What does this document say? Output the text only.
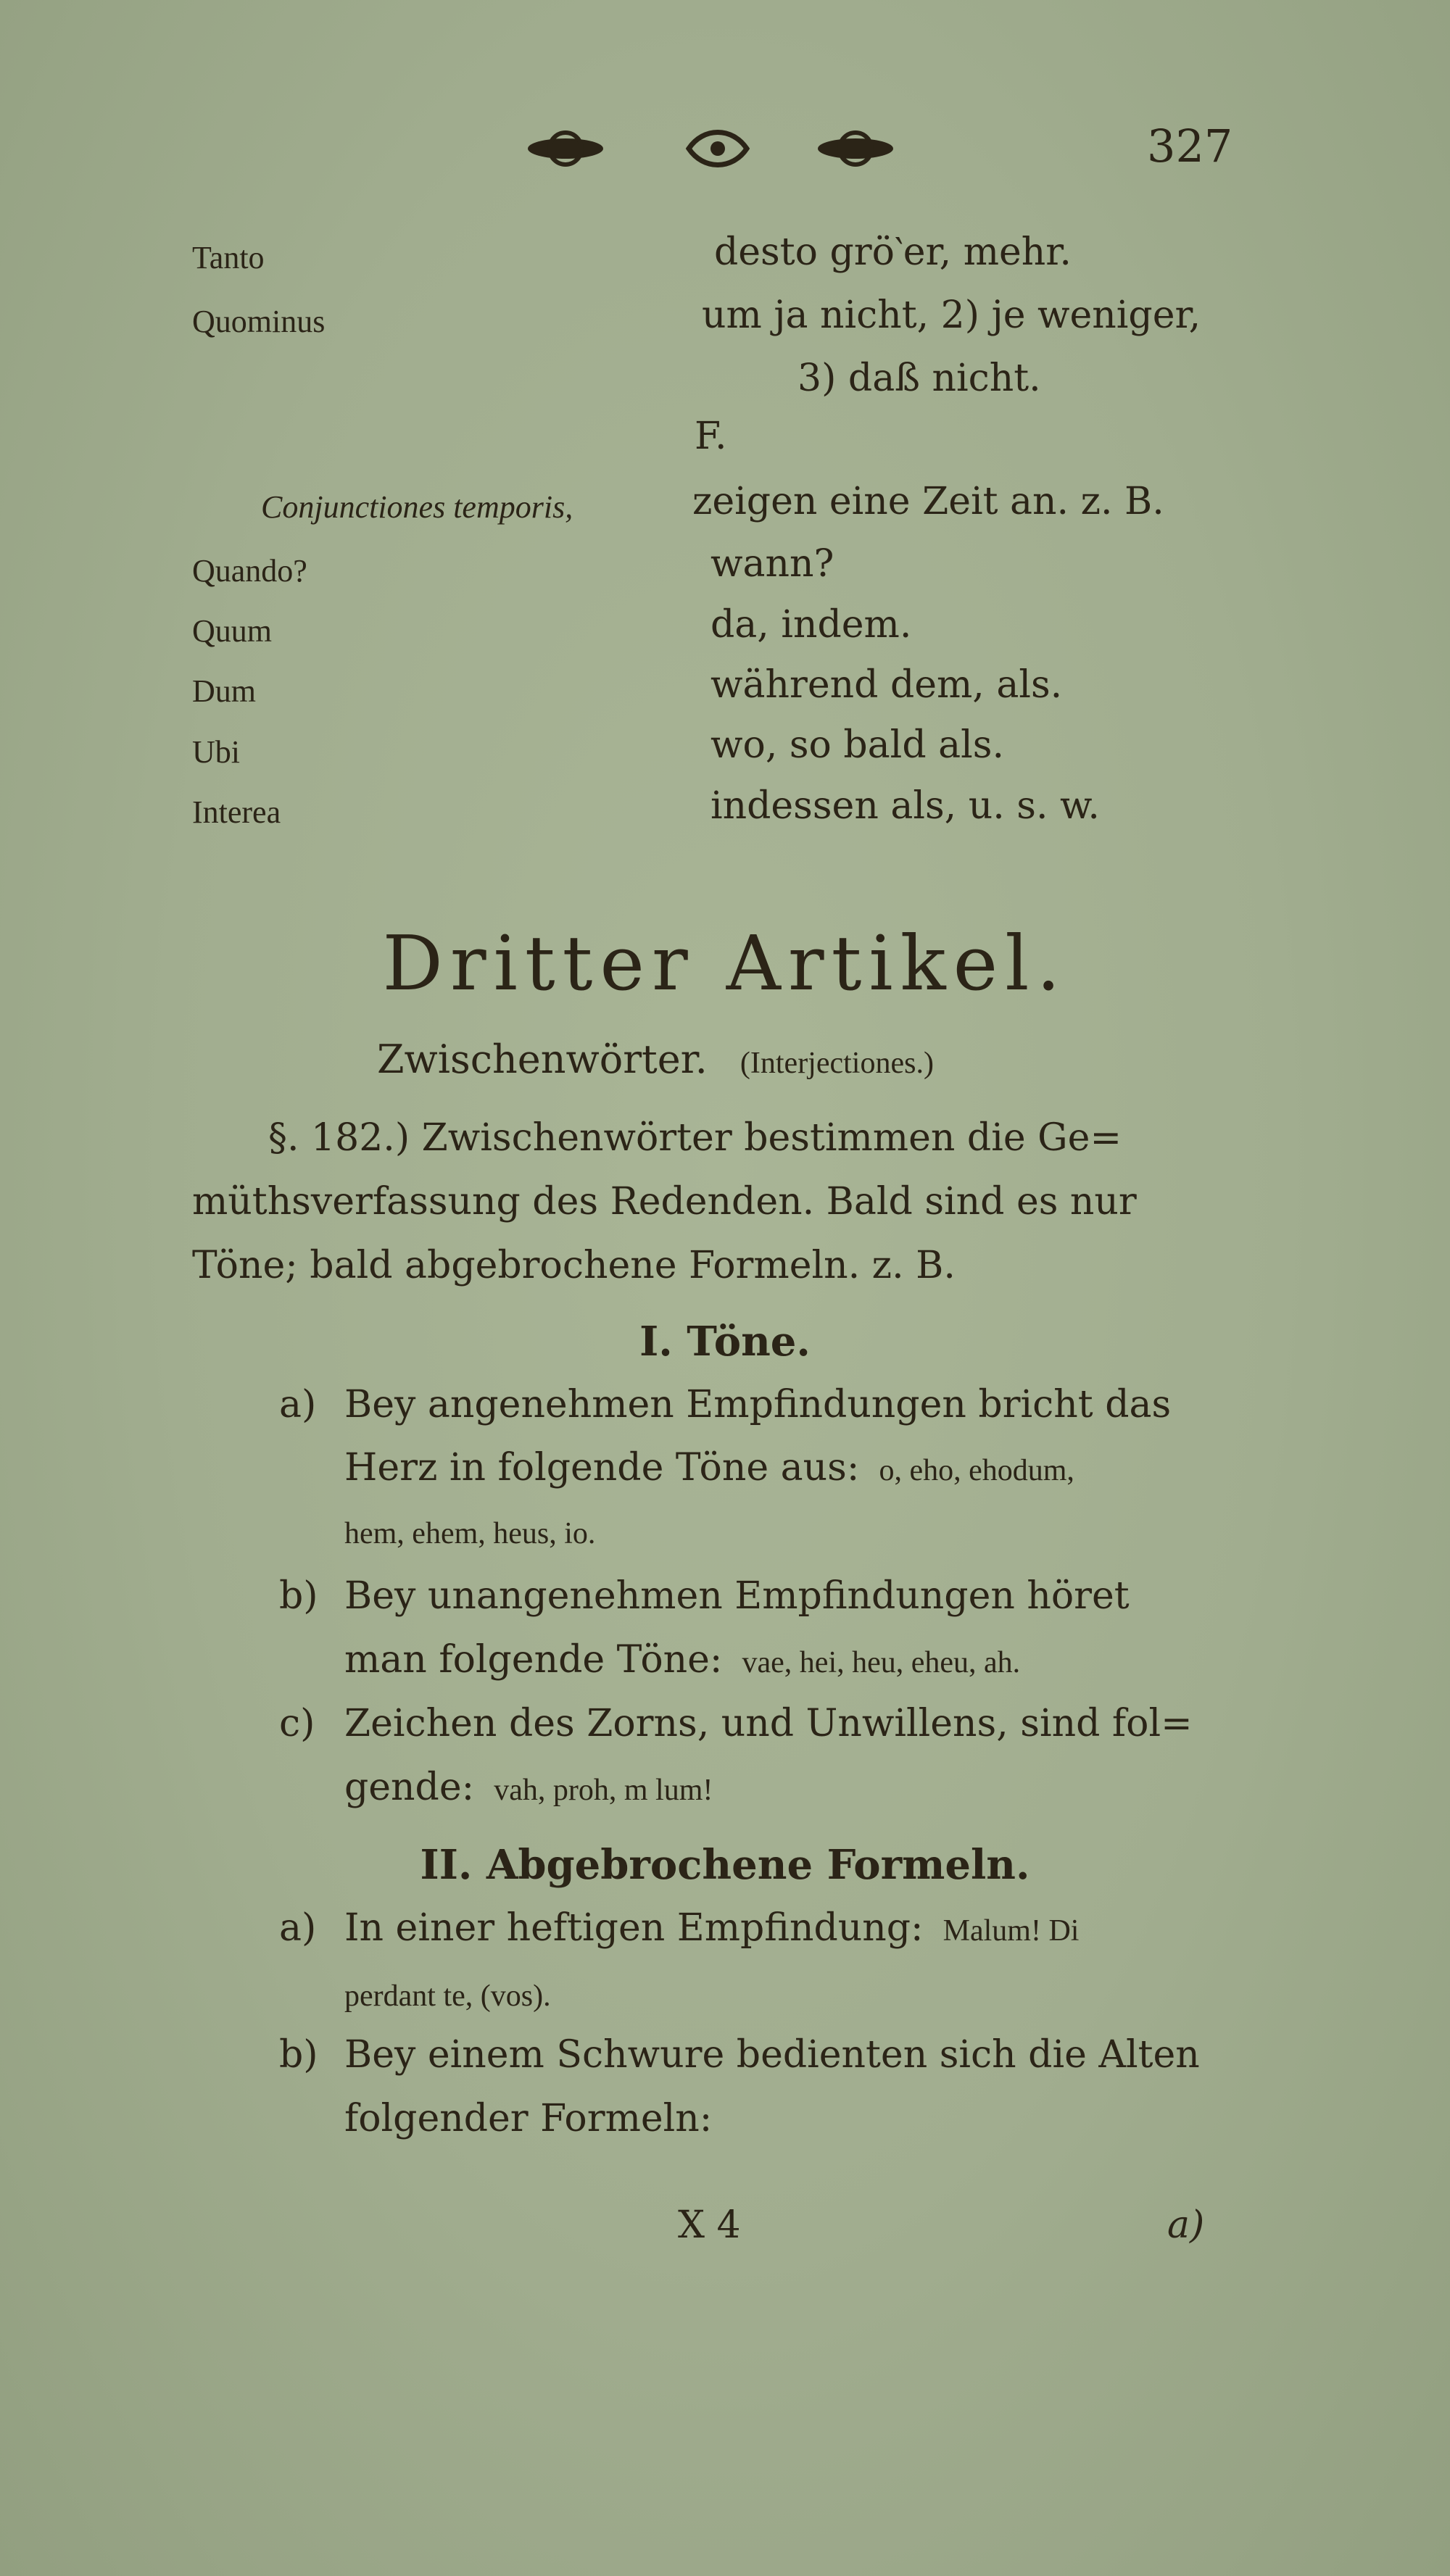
327
Tanto	desto grö‵er, mehr.
Quominus	um ja nicht, 2) je weniger,
3) daß nicht.
F.
Conjunctiones temporis,	zeigen eine Zeit an. z. B.
Quando?	wann?
Quum	da, indem.
Dum	während dem, als.
Ubi	wo, so bald als.
Interea	indessen als, u. s. w.
Dritter Artikel.
Zwischenwörter. (Interjectiones.)
§. 182.) Zwischenwörter bestimmen die Ge=
müthsverfassung des Redenden. Bald sind es nur
Töne; bald abgebrochene Formeln. z. B.
I. Töne.
a) Bey angenehmen Empfindungen bricht das
Herz in folgende Töne aus: o, eho, ehodum,
hem, ehem, heus, io.
b) Bey unangenehmen Empfindungen höret
man folgende Töne: vae, hei, heu, eheu, ah.
c) Zeichen des Zorns, und Unwillens, sind fol=
gende: vah, proh, m lum!
II. Abgebrochene Formeln.
a) In einer heftigen Empfindung: Malum! Di
perdant te, (vos).
b) Bey einem Schwure bedienten sich die Alten
folgender Formeln:
X 4	a)
